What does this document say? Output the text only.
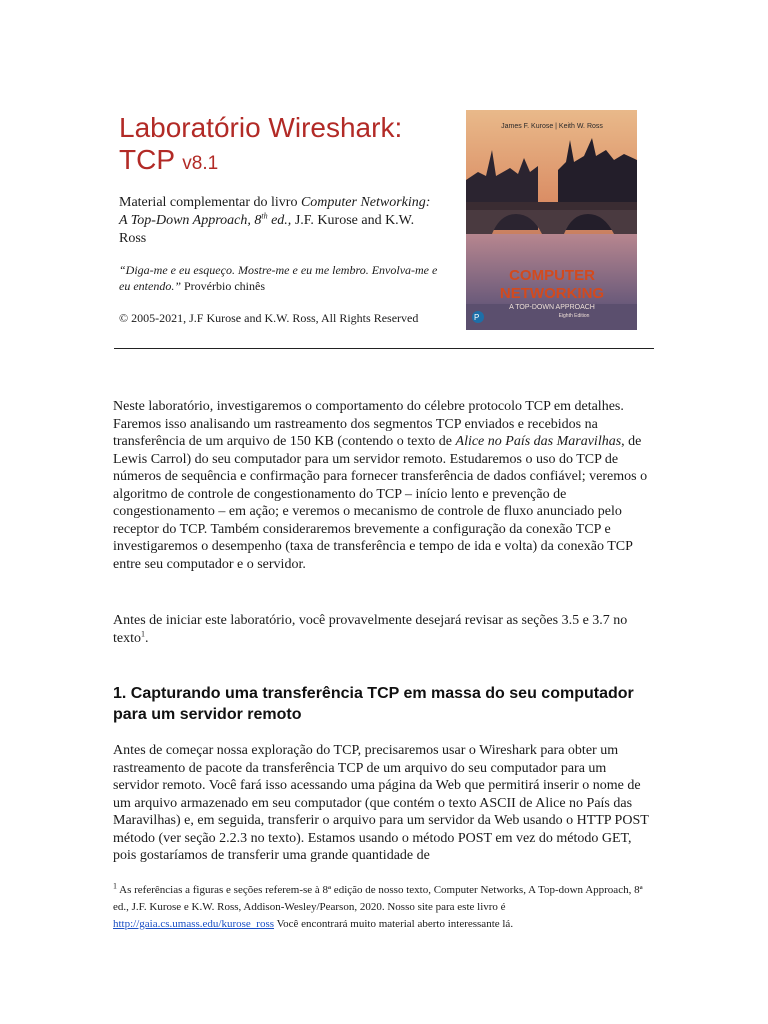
Laboratório Wireshark:
TCP v8.1
Material complementar do livro Computer Networking: A Top-Down Approach, 8th ed., J.F. Kurose and K.W. Ross
“Diga-me e eu esqueço. Mostre-me e eu me lembro. Envolva-me e eu entendo.” Provérbio chinês
© 2005-2021, J.F Kurose and K.W. Ross, All Rights Reserved	P
James F. Kurose | Keith W. Ross
COMPUTER
NETWORKING
A TOP-DOWN APPROACH
Eighth Edition

Neste laboratório, investigaremos o comportamento do célebre protocolo TCP em detalhes. Faremos isso analisando um rastreamento dos segmentos TCP enviados e recebidos na transferência de um arquivo de 150 KB (contendo o texto de Alice no País das Maravilhas, de Lewis Carrol) do seu computador para um servidor remoto. Estudaremos o uso do TCP de números de sequência e confirmação para fornecer transferência de dados confiável; veremos o algoritmo de controle de congestionamento do TCP – início lento e prevenção de congestionamento – em ação; e veremos o mecanismo de controle de fluxo anunciado pelo receptor do TCP. Também consideraremos brevemente a configuração da conexão TCP e investigaremos o desempenho (taxa de transferência e tempo de ida e volta) da conexão TCP entre seu computador e o servidor.

Antes de iniciar este laboratório, você provavelmente desejará revisar as seções 3.5 e 3.7 no texto$^1$.

1. Capturando uma transferência TCP em massa do seu computador para um servidor remoto

Antes de começar nossa exploração do TCP, precisaremos usar o Wireshark para obter um rastreamento de pacote da transferência TCP de um arquivo do seu computador para um servidor remoto. Você fará isso acessando uma página da Web que permitirá inserir o nome de um arquivo armazenado em seu computador (que contém o texto ASCII de Alice no País das Maravilhas) e, em seguida, transferir o arquivo para um servidor da Web usando o HTTP POST método (ver seção 2.2.3 no texto). Estamos usando o método POST em vez do método GET, pois gostaríamos de transferir uma grande quantidade de

$^1$ As referências a figuras e seções referem-se à 8ª edição de nosso texto, Computer Networks, A Top-down Approach, 8ª ed., J.F. Kurose e K.W. Ross, Addison-Wesley/Pearson, 2020. Nosso site para este livro é http://gaia.cs.umass.edu/kurose_ross Você encontrará muito material aberto interessante lá.
